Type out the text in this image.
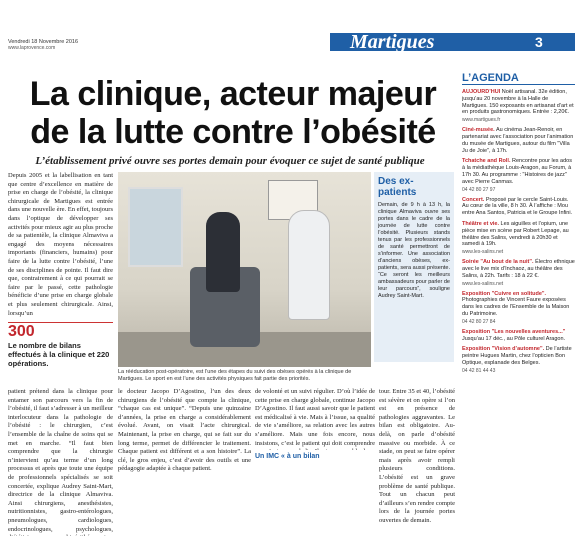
Vendredi 18 Novembre 2016
www.laprovence.com	Martigues	3
La clinique, acteur majeur de la lutte contre l’obésité
L’établissement privé ouvre ses portes demain pour évoquer ce sujet de santé publique
Depuis 2005 et la labellisation en tant que centre d’excellence en matière de prise en charge de l’obésité, la clinique chirurgicale de Martigues est entrée dans une nouvelle ère. En effet, toujours dans l’optique de développer ses activités pour mieux agir au plus proche de sa patientèle, la clinique Almaviva a engagé des moyens nécessaires importants (financiers, humains) pour faire de la lutte contre l’obésité, l’une de ses disciplines de pointe. Il faut dire que, contrairement à ce qui pourrait se faire par le passé, cette pathologie bénéficie d’une prise en charge globale et plus seulement chirurgicale. Ainsi, lorsqu’un
300
Le nombre de bilans effectués à la clinique et 220 opérations.
La rééducation post-opératoire, est l’une des étapes du suivi des obèses opérés à la clinique de Martigues. Le sport en est l’une des activités physiques fait partie des priorités.
Des ex-patients
Demain, de 9 h à 13 h, la clinique Almaviva ouvre ses portes dans le cadre de la journée de lutte contre l’obésité. Plusieurs stands tenus par les professionnels de santé permettront de s’informer. Une association d’anciens obèses, ex-patients, sera aussi présente. “Ce seront les meilleurs ambassadeurs pour parler de leur parcours”, souligne Audrey Saint-Mart.
patient prétend dans la clinique pour entamer son parcours vers la fin de l’obésité, il faut s’adresser à un meilleur interlocuteur dans la pathologie de l’obésité : le chirurgien, c’est l’ensemble de la chaîne de soins qui se met en marche. “Il faut bien comprendre que la chirurgie n’intervient qu’au terme d’un long processus et après que toute une équipe de professionnels spécialisés se soit concertée, explique Audrey Saint-Mart, directrice de la clinique Almaviva. Ainsi chirurgiens, anesthésistes, nutritionnistes, gastro-entérologues, pneumologues, cardiologues, endocrinologues, psychologues,
le docteur Jacopo D’Agostino, l’un des deux chirurgiens de l’obésité que compte la clinique, “chaque cas est unique”. “Depuis une quinzaine d’années, la prise en charge a considérablement évolué. Avant, on visait l’acte chirurgical. Maintenant, la prise en charge, qui se fait sur du long terme, permet de différencier le traitement. Chaque patient est différent et a son histoire”. La clé, le gros enjeu, c’est d’avoir des outils et une pédagogie adaptée à chaque patient.
de volonté et un suivi régulier. D’où l’idée de cette prise en charge globale, continue Jacopo D’Agostino. Il faut aussi savoir que le patient est médicalisé à vie. Mais à l’issue, sa qualité de vie s’améliore, sa relation avec les autres s’améliore. Mais une fois encore, nous insistons, c’est le patient qui doit comprendre
Un IMC « à un bilan
tour. Entre 35 et 40, l’obésité est sévère et on opère si l’on est en présence de pathologies aggravantes. Le bilan est obligatoire. Au-delà, on parle d’obésité massive ou morbide. À ce stade, on peut se faire opérer mais après avoir rempli plusieurs conditions. L’obésité est un grave problème de santé publique. Tout un chacun peut d’ailleurs s’en rendre compte lors de la journée portes ouvertes de demain.
L’AGENDA
AUJOURD’HUI Noël artisanal. 32e édition, jusqu’au 20 novembre à la Halle de Martigues. 150 exposants en artisanat d’art et en produits gastronomiques. Entrée : 2,20€.
www.martigues.fr
Ciné-musée. Au cinéma Jean-Renoir, en partenariat avec l’association pour l’animation du musée de Martigues, autour du film "Villa Ju de Joie", à 17h.
Tchatche and Roll. Rencontre pour les ados à la médiathèque Louis-Aragon, au Forum, à 17h 30. Au programme : "Histoires de jazz" avec Pierre Canmas.
04 42 80 27 97
Concert. Proposé par le cercle Saint-Louis. Au cœur de la ville, 8 h 30. À l’affiche : Mou entre Ana Santos, Patricia et le Groupe Infini.
Théâtre et vie. Les aiguilles et l’opium, une pièce mise en scène par Robert Lepage, au théâtre des Salins, vendredi à 20h30 et samedi à 19h.
www.les-salins.net
Soirée "Au bout de la nuit". Électro ethnique avec le live mix d’Inchaoz, au théâtre des Salins, à 22h. Tarifs : 18 à 22 €.
www.les-salins.net
Exposition "Cuivre en solitude". Photographies de Vincent Faure exposées dans les cadres de l’Ensemble de la Maison du Patrimoine.
04 42 80 27 84
Exposition "Les nouvelles aventures..." Jusqu’au 17 déc., au Pôle culturel Aragon.
Exposition "Vision d’automne". De l’artiste peintre Hugues Martin, chez l’opticien Bon Optique, esplanade des Belges.
04 42 81 44 43
